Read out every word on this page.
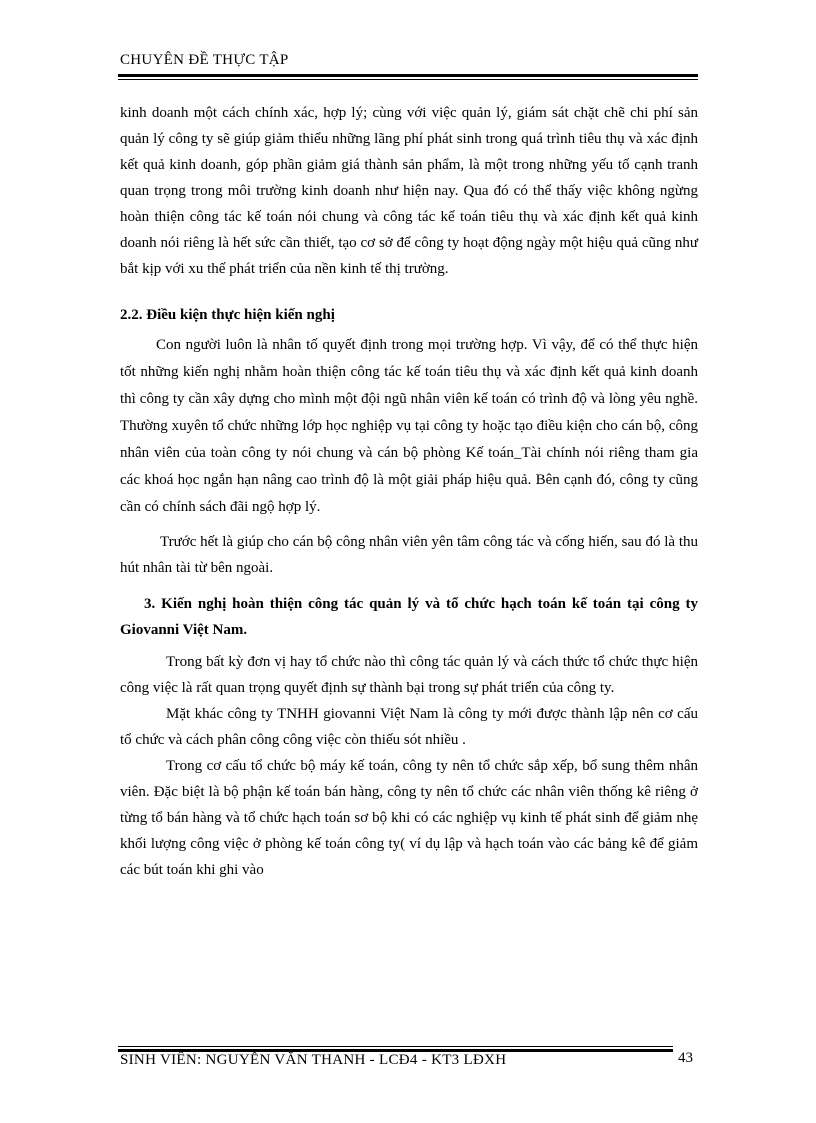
CHUYÊN ĐỀ THỰC TẬP

kinh doanh một cách chính xác, hợp lý; cùng với việc quản lý, giám sát chặt chẽ chi phí sản quản lý công ty sẽ giúp giảm thiểu những lãng phí phát sinh trong quá trình tiêu thụ và xác định kết quả kinh doanh, góp phần giảm giá thành sản phẩm, là một trong những yếu tố cạnh tranh quan trọng trong môi trường kinh doanh như hiện nay. Qua đó có thể thấy việc không ngừng hoàn thiện công tác kế toán nói chung và công tác kế toán tiêu thụ và xác định kết quả kinh doanh nói riêng là hết sức cần thiết, tạo cơ sở để công ty hoạt động ngày một hiệu quả cũng như bắt kịp với xu thế phát triển của nền kinh tế thị trường.

2.2. Điều kiện thực hiện kiến nghị

Con người luôn là nhân tố quyết định trong mọi trường hợp. Vì vậy, để có thể thực hiện tốt những kiến nghị nhằm hoàn thiện công tác kế toán tiêu thụ và xác định kết quả kinh doanh thì công ty cần xây dựng cho mình một đội ngũ nhân viên kế toán có trình độ và lòng yêu nghề. Thường xuyên tổ chức những lớp học nghiệp vụ tại công ty hoặc tạo điều kiện cho cán bộ, công nhân viên của toàn công ty nói chung và cán bộ phòng Kế toán_Tài chính nói riêng tham gia các khoá học ngắn hạn nâng cao trình độ là một giải pháp hiệu quả. Bên cạnh đó, công ty cũng cần có chính sách đãi ngộ hợp lý.

Trước hết là giúp cho cán bộ công nhân viên yên tâm công tác và cống hiến, sau đó là thu hút nhân tài từ bên ngoài.

3. Kiến nghị hoàn thiện công tác quản lý và tổ chức hạch toán kế toán tại công ty Giovanni Việt Nam.

Trong bất kỳ đơn vị hay tổ chức nào thì công tác quản lý và cách thức tổ chức thực hiện công việc là rất quan trọng quyết định sự thành bại trong sự phát triển của công ty.

Mặt khác công ty TNHH giovanni Việt Nam là công ty mới được thành lập nên cơ cấu tổ chức và cách phân công công việc còn thiếu sót nhiều .

Trong cơ cấu tổ chức bộ máy kế toán, công ty nên tổ chức sắp xếp, bổ sung thêm nhân viên. Đặc biệt là bộ phận kế toán bán hàng, công ty nên tổ chức các nhân viên thống kê riêng ở từng tổ bán hàng và tổ chức hạch toán sơ bộ khi có các nghiệp vụ kinh tế phát sinh để giảm nhẹ khối lượng công việc ở phòng kế toán công ty( ví dụ lập và hạch toán vào các bảng kê để giảm các bút toán khi ghi vào

SINH VIÊN: NGUYỄN VĂN THANH - LCĐ4 - KT3 LĐXH	43
